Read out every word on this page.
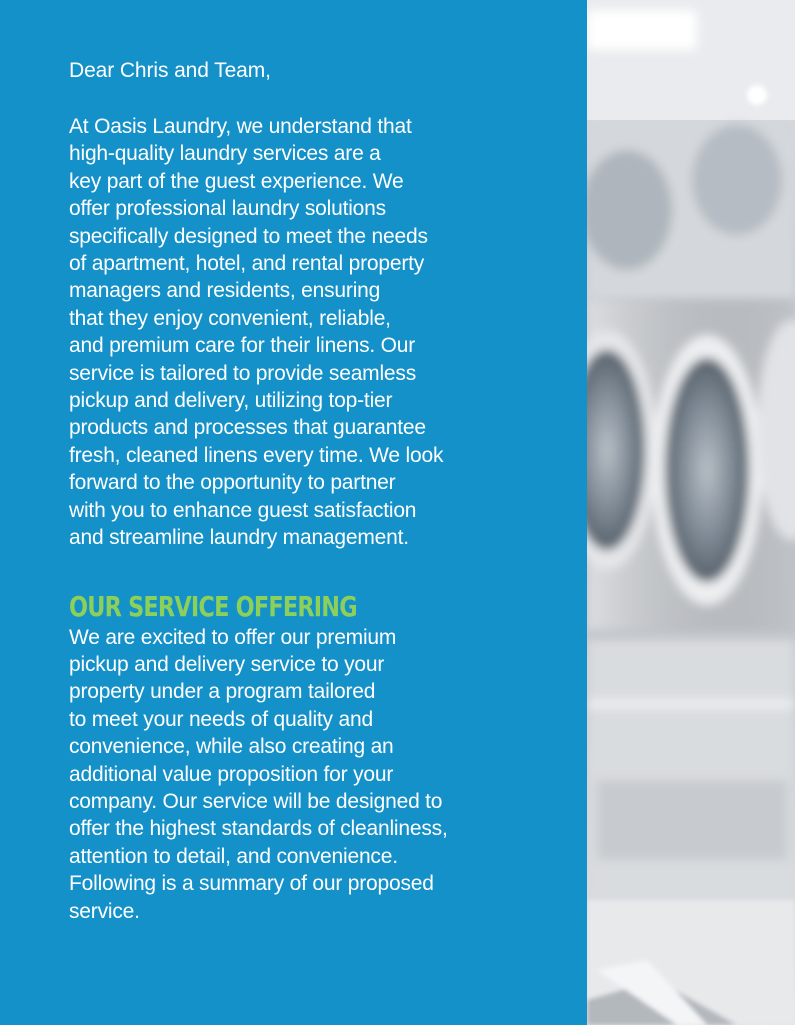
Dear Chris and Team,

At Oasis Laundry, we understand that
high-quality laundry services are a
key part of the guest experience. We
offer professional laundry solutions
specifically designed to meet the needs
of apartment, hotel, and rental property
managers and residents, ensuring
that they enjoy convenient, reliable,
and premium care for their linens. Our
service is tailored to provide seamless
pickup and delivery, utilizing top-tier
products and processes that guarantee
fresh, cleaned linens every time. We look
forward to the opportunity to partner
with you to enhance guest satisfaction
and streamline laundry management.
OUR SERVICE OFFERING
We are excited to offer our premium
pickup and delivery service to your
property under a program tailored
to meet your needs of quality and
convenience, while also creating an
additional value proposition for your
company. Our service will be designed to
offer the highest standards of cleanliness,
attention to detail, and convenience.
Following is a summary of our proposed
service.
